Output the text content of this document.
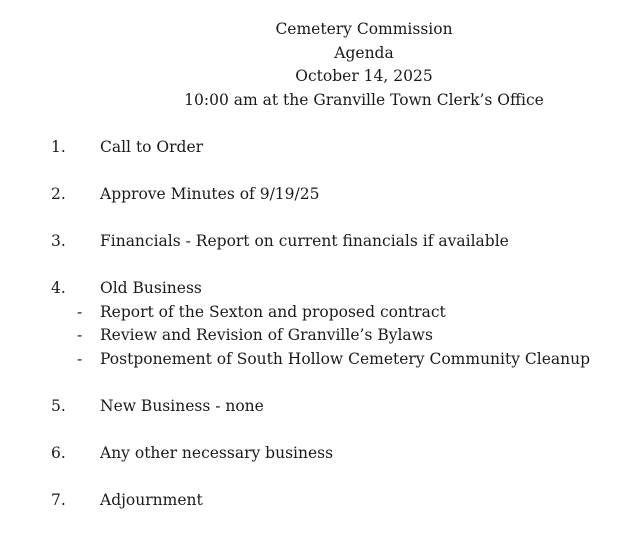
Cemetery Commission
Agenda
October 14, 2025
10:00 am at the Granville Town Clerk’s Office
1. Call to Order
2. Approve Minutes of 9/19/25
3. Financials - Report on current financials if available
4. Old Business
- Report of the Sexton and proposed contract
- Review and Revision of Granville’s Bylaws
- Postponement of South Hollow Cemetery Community Cleanup
5. New Business - none
6. Any other necessary business
7. Adjournment
